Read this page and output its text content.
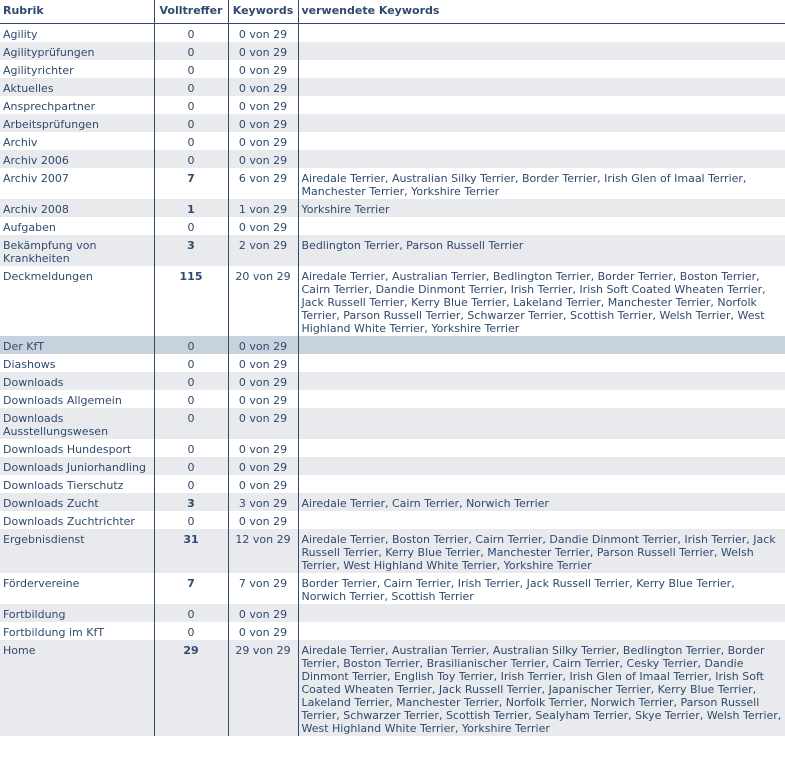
Rubrik	Volltreffer	Keywords	verwendete Keywords
Agility	0	0 von 29	
Agilityprüfungen	0	0 von 29	
Agilityrichter	0	0 von 29	
Aktuelles	0	0 von 29	
Ansprechpartner	0	0 von 29	
Arbeitsprüfungen	0	0 von 29	
Archiv	0	0 von 29	
Archiv 2006	0	0 von 29	
Archiv 2007	7	6 von 29	Airedale Terrier, Australian Silky Terrier, Border Terrier, Irish Glen of Imaal Terrier, Manchester Terrier, Yorkshire Terrier
Archiv 2008	1	1 von 29	Yorkshire Terrier
Aufgaben	0	0 von 29	
Bekämpfung von Krankheiten	3	2 von 29	Bedlington Terrier, Parson Russell Terrier
Deckmeldungen	115	20 von 29	Airedale Terrier, Australian Terrier, Bedlington Terrier, Border Terrier, Boston Terrier, Cairn Terrier, Dandie Dinmont Terrier, Irish Terrier, Irish Soft Coated Wheaten Terrier, Jack Russell Terrier, Kerry Blue Terrier, Lakeland Terrier, Manchester Terrier, Norfolk Terrier, Parson Russell Terrier, Schwarzer Terrier, Scottish Terrier, Welsh Terrier, West Highland White Terrier, Yorkshire Terrier
Der KfT	0	0 von 29	
Diashows	0	0 von 29	
Downloads	0	0 von 29	
Downloads Allgemein	0	0 von 29	
Downloads Ausstellungswesen	0	0 von 29	
Downloads Hundesport	0	0 von 29	
Downloads Juniorhandling	0	0 von 29	
Downloads Tierschutz	0	0 von 29	
Downloads Zucht	3	3 von 29	Airedale Terrier, Cairn Terrier, Norwich Terrier
Downloads Zuchtrichter	0	0 von 29	
Ergebnisdienst	31	12 von 29	Airedale Terrier, Boston Terrier, Cairn Terrier, Dandie Dinmont Terrier, Irish Terrier, Jack Russell Terrier, Kerry Blue Terrier, Manchester Terrier, Parson Russell Terrier, Welsh Terrier, West Highland White Terrier, Yorkshire Terrier
Fördervereine	7	7 von 29	Border Terrier, Cairn Terrier, Irish Terrier, Jack Russell Terrier, Kerry Blue Terrier, Norwich Terrier, Scottish Terrier
Fortbildung	0	0 von 29	
Fortbildung im KfT	0	0 von 29	
Home	29	29 von 29	Airedale Terrier, Australian Terrier, Australian Silky Terrier, Bedlington Terrier, Border Terrier, Boston Terrier, Brasilianischer Terrier, Cairn Terrier, Cesky Terrier, Dandie Dinmont Terrier, English Toy Terrier, Irish Terrier, Irish Glen of Imaal Terrier, Irish Soft Coated Wheaten Terrier, Jack Russell Terrier, Japanischer Terrier, Kerry Blue Terrier, Lakeland Terrier, Manchester Terrier, Norfolk Terrier, Norwich Terrier, Parson Russell Terrier, Schwarzer Terrier, Scottish Terrier, Sealyham Terrier, Skye Terrier, Welsh Terrier, West Highland White Terrier, Yorkshire Terrier
